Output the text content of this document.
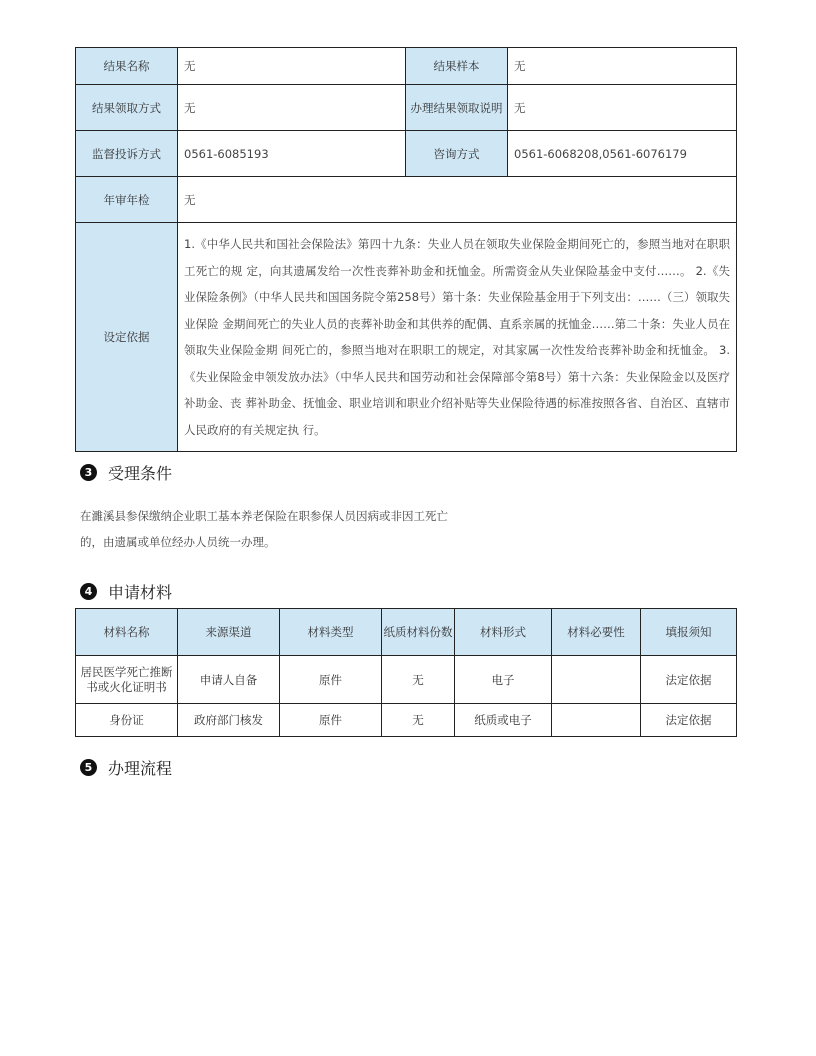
结果名称	无	结果样本	无
结果领取方式	无	办理结果领取说明	无
监督投诉方式	0561-6085193	咨询方式	0561-6068208,0561-6076179
年审年检	无		
设定依据	1.《中华人民共和国社会保险法》第四十九条：失业人员在领取失业保险金期间死亡的，参照当地对在职职工死亡的规 定，向其遗属发给一次性丧葬补助金和抚恤金。所需资金从失业保险基金中支付……。 2.《失业保险条例》（中华人民共和国国务院令第258号）第十条：失业保险基金用于下列支出：……（三）领取失业保险 金期间死亡的失业人员的丧葬补助金和其供养的配偶、直系亲属的抚恤金……第二十条：失业人员在领取失业保险金期 间死亡的，参照当地对在职职工的规定，对其家属一次性发给丧葬补助金和抚恤金。 3.《失业保险金申领发放办法》（中华人民共和国劳动和社会保障部令第8号）第十六条：失业保险金以及医疗补助金、丧 葬补助金、抚恤金、职业培训和职业介绍补贴等失业保险待遇的标准按照各省、自治区、直辖市人民政府的有关规定执 行。		
3 受理条件
在濉溪县参保缴纳企业职工基本养老保险在职参保人员因病或非因工死亡
的，由遗属或单位经办人员统一办理。
4 申请材料
材料名称	来源渠道	材料类型	纸质材料份数	材料形式	材料必要性	填报须知
居民医学死亡推断书或火化证明书	申请人自备	原件	无	电子		法定依据
身份证	政府部门核发	原件	无	纸质或电子		法定依据
5 办理流程
